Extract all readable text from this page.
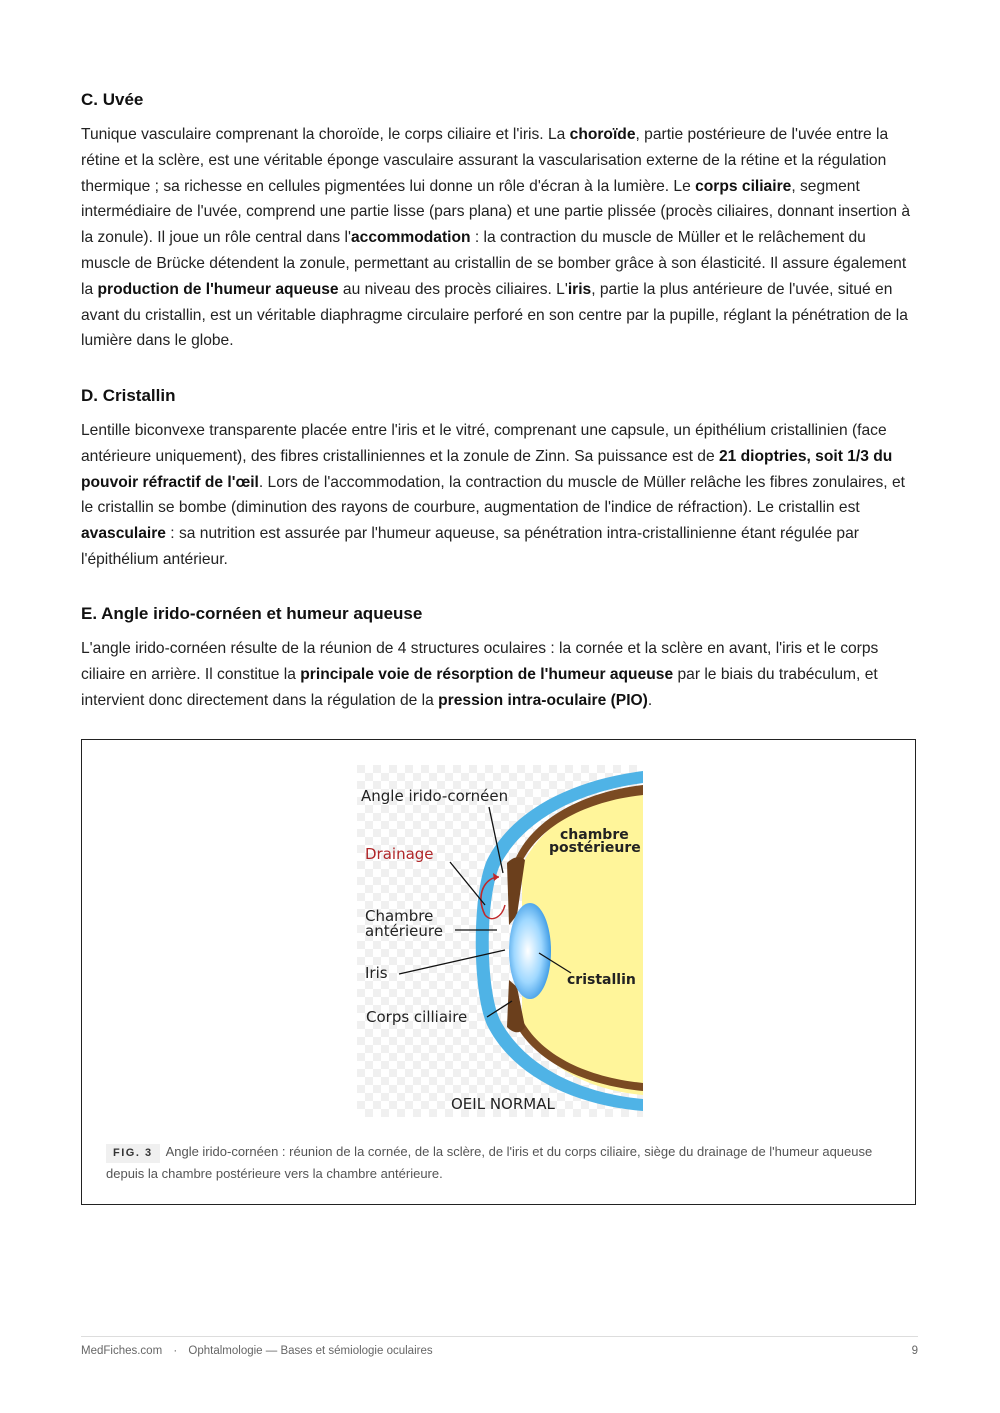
C. Uvée

Tunique vasculaire comprenant la choroïde, le corps ciliaire et l'iris. La choroïde, partie postérieure de l'uvée entre la rétine et la sclère, est une véritable éponge vasculaire assurant la vascularisation externe de la rétine et la régulation thermique ; sa richesse en cellules pigmentées lui donne un rôle d'écran à la lumière. Le corps ciliaire, segment intermédiaire de l'uvée, comprend une partie lisse (pars plana) et une partie plissée (procès ciliaires, donnant insertion à la zonule). Il joue un rôle central dans l'accommodation : la contraction du muscle de Müller et le relâchement du muscle de Brücke détendent la zonule, permettant au cristallin de se bomber grâce à son élasticité. Il assure également la production de l'humeur aqueuse au niveau des procès ciliaires. L'iris, partie la plus antérieure de l'uvée, situé en avant du cristallin, est un véritable diaphragme circulaire perforé en son centre par la pupille, réglant la pénétration de la lumière dans le globe.

D. Cristallin

Lentille biconvexe transparente placée entre l'iris et le vitré, comprenant une capsule, un épithélium cristallinien (face antérieure uniquement), des fibres cristalliniennes et la zonule de Zinn. Sa puissance est de 21 dioptries, soit 1/3 du pouvoir réfractif de l'œil. Lors de l'accommodation, la contraction du muscle de Müller relâche les fibres zonulaires, et le cristallin se bombe (diminution des rayons de courbure, augmentation de l'indice de réfraction). Le cristallin est avasculaire : sa nutrition est assurée par l'humeur aqueuse, sa pénétration intra-cristallinienne étant régulée par l'épithélium antérieur.

E. Angle irido-cornéen et humeur aqueuse

L'angle irido-cornéen résulte de la réunion de 4 structures oculaires : la cornée et la sclère en avant, l'iris et le corps ciliaire en arrière. Il constitue la principale voie de résorption de l'humeur aqueuse par le biais du trabéculum, et intervient donc directement dans la régulation de la pression intra-oculaire (PIO).

Angle irido-cornéen
Drainage
Chambre
antérieure
Iris
Corps cilliaire
chambre
postérieure
cristallin
OEIL NORMAL
FIG. 3 Angle irido-cornéen : réunion de la cornée, de la sclère, de l'iris et du corps ciliaire, siège du drainage de l'humeur aqueuse depuis la chambre postérieure vers la chambre antérieure.
MedFiches.com · Ophtalmologie — Bases et sémiologie oculaires	9
